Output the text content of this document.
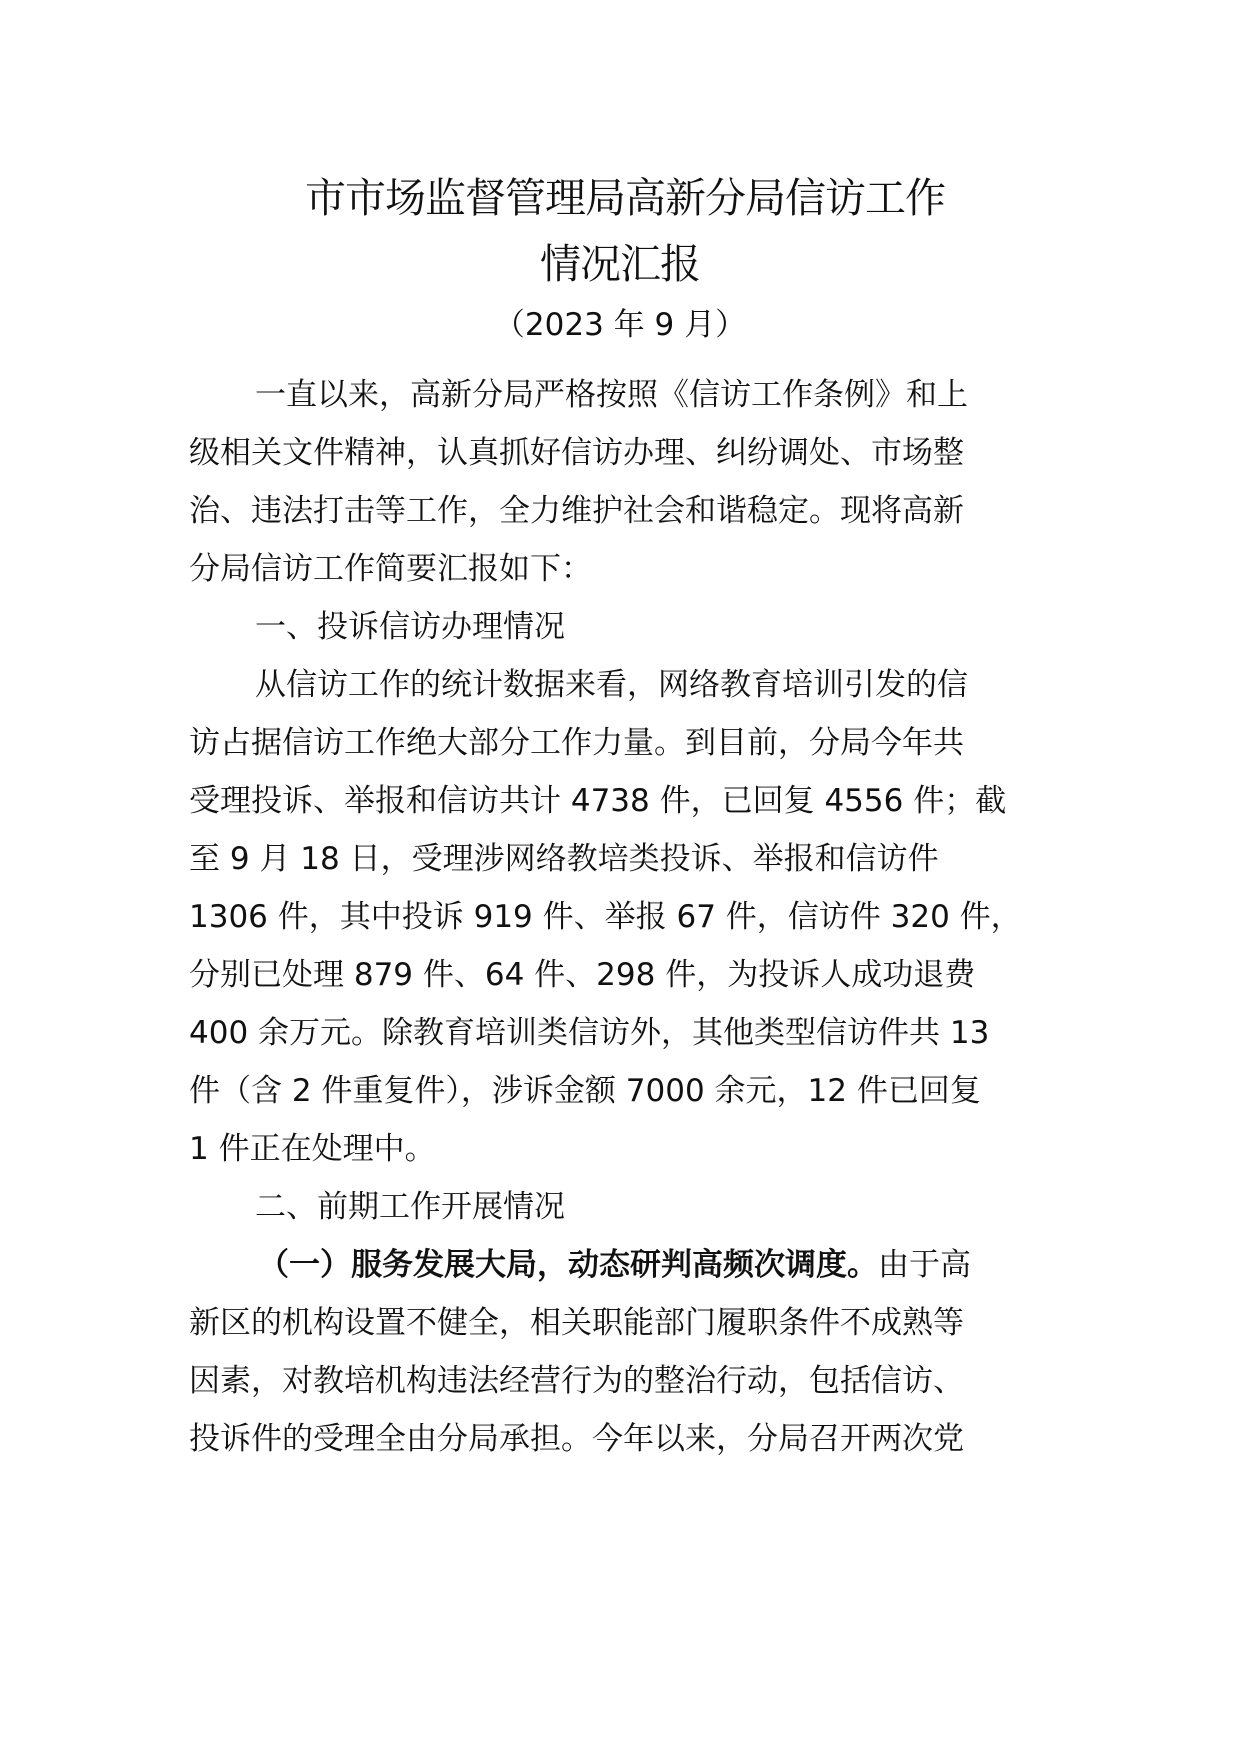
市市场监督管理局高新分局信访工作
情况汇报

（2023 年 9 月）

一直以来，高新分局严格按照《信访工作条例》和上

级相关文件精神，认真抓好信访办理、纠纷调处、市场整

治、违法打击等工作，全力维护社会和谐稳定。现将高新

分局信访工作简要汇报如下：

一、投诉信访办理情况

从信访工作的统计数据来看，网络教育培训引发的信

访占据信访工作绝大部分工作力量。到目前，分局今年共

受理投诉、举报和信访共计 4738 件，已回复 4556 件；截

至 9 月 18 日，受理涉网络教培类投诉、举报和信访件

1306 件，其中投诉 919 件、举报 67 件，信访件 320 件，

分别已处理 879 件、64 件、298 件，为投诉人成功退费

400 余万元。除教育培训类信访外，其他类型信访件共 13

件（含 2 件重复件），涉诉金额 7000 余元，12 件已回复

1 件正在处理中。

二、前期工作开展情况

（一）服务发展大局，动态研判高频次调度。由于高

新区的机构设置不健全，相关职能部门履职条件不成熟等

因素，对教培机构违法经营行为的整治行动，包括信访、

投诉件的受理全由分局承担。今年以来，分局召开两次党
